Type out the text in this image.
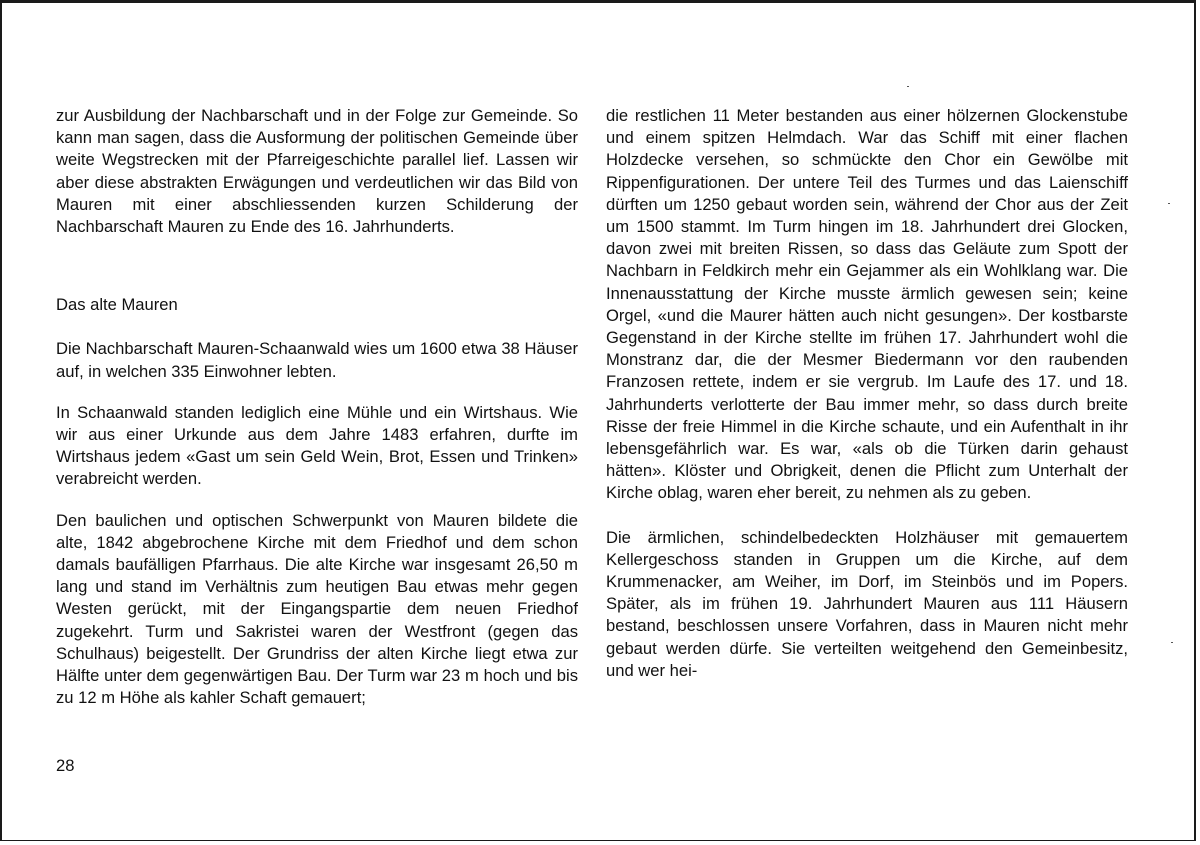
zur Ausbildung der Nachbarschaft und in der Folge zur Gemeinde. So kann man sagen, dass die Ausformung der politischen Gemeinde über weite Wegstrecken mit der Pfarreigeschichte parallel lief. Lassen wir aber diese abstrakten Erwägungen und verdeutlichen wir das Bild von Mauren mit einer abschliessenden kurzen Schilderung der Nachbarschaft Mauren zu Ende des 16. Jahrhunderts.

Das alte Mauren

Die Nachbarschaft Mauren-Schaanwald wies um 1600 etwa 38 Häuser auf, in welchen 335 Einwohner lebten.

In Schaanwald standen lediglich eine Mühle und ein Wirtshaus. Wie wir aus einer Urkunde aus dem Jahre 1483 erfahren, durfte im Wirtshaus jedem «Gast um sein Geld Wein, Brot, Essen und Trinken» verabreicht werden.

Den baulichen und optischen Schwerpunkt von Mauren bildete die alte, 1842 abgebrochene Kirche mit dem Friedhof und dem schon damals baufälligen Pfarrhaus. Die alte Kirche war insgesamt 26,50 m lang und stand im Verhältnis zum heutigen Bau etwas mehr gegen Westen gerückt, mit der Eingangspartie dem neuen Friedhof zugekehrt. Turm und Sakristei waren der Westfront (gegen das Schulhaus) beigestellt. Der Grundriss der alten Kirche liegt etwa zur Hälfte unter dem gegenwärtigen Bau. Der Turm war 23 m hoch und bis zu 12 m Höhe als kahler Schaft gemauert;

die restlichen 11 Meter bestanden aus einer hölzernen Glockenstube und einem spitzen Helmdach. War das Schiff mit einer flachen Holzdecke versehen, so schmückte den Chor ein Gewölbe mit Rippenfigurationen. Der untere Teil des Turmes und das Laienschiff dürften um 1250 gebaut worden sein, während der Chor aus der Zeit um 1500 stammt. Im Turm hingen im 18. Jahrhundert drei Glocken, davon zwei mit breiten Rissen, so dass das Geläute zum Spott der Nachbarn in Feldkirch mehr ein Gejammer als ein Wohlklang war. Die Innenausstattung der Kirche musste ärmlich gewesen sein; keine Orgel, «und die Maurer hätten auch nicht gesungen». Der kostbarste Gegenstand in der Kirche stellte im frühen 17. Jahrhundert wohl die Monstranz dar, die der Mesmer Biedermann vor den raubenden Franzosen rettete, indem er sie vergrub. Im Laufe des 17. und 18. Jahrhunderts verlotterte der Bau immer mehr, so dass durch breite Risse der freie Himmel in die Kirche schaute, und ein Aufenthalt in ihr lebensgefährlich war. Es war, «als ob die Türken darin gehaust hätten». Klöster und Obrigkeit, denen die Pflicht zum Unterhalt der Kirche oblag, waren eher bereit, zu nehmen als zu geben.

Die ärmlichen, schindelbedeckten Holzhäuser mit gemauertem Kellergeschoss standen in Gruppen um die Kirche, auf dem Krummenacker, am Weiher, im Dorf, im Steinbös und im Popers. Später, als im frühen 19. Jahrhundert Mauren aus 111 Häusern bestand, beschlossen unsere Vorfahren, dass in Mauren nicht mehr gebaut werden dürfe. Sie verteilten weitgehend den Gemeinbesitz, und wer hei-

28
